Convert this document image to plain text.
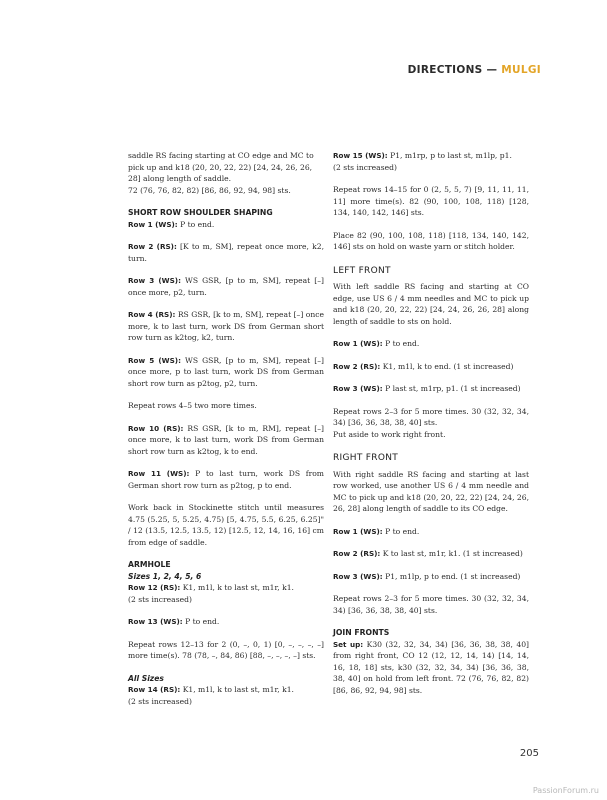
DIRECTIONS — MULGI

saddle RS facing starting at CO edge and MC to pick up and k18 (20, 20, 22, 22) [24, 24, 26, 26, 28] along length of saddle.

72 (76, 76, 82, 82) [86, 86, 92, 94, 98] sts.

SHORT ROW SHOULDER SHAPING

Row 1 (WS): P to end.

Row 2 (RS): [K to m, SM], repeat once more, k2, turn.

Row 3 (WS): WS GSR, [p to m, SM], repeat [–] once more, p2, turn.

Row 4 (RS): RS GSR, [k to m, SM], repeat [–] once more, k to last turn, work DS from German short row turn as k2tog, k2, turn.

Row 5 (WS): WS GSR, [p to m, SM], repeat [–] once more, p to last turn, work DS from German short row turn as p2tog, p2, turn.

Repeat rows 4–5 two more times.

Row 10 (RS): RS GSR, [k to m, RM], repeat [–] once more, k to last turn, work DS from German short row turn as k2tog, k to end.

Row 11 (WS): P to last turn, work DS from German short row turn as p2tog, p to end.

Work back in Stockinette stitch until measures 4.75 (5.25, 5, 5.25, 4.75) [5, 4.75, 5.5, 6.25, 6.25]" / 12 (13.5, 12.5, 13.5, 12) [12.5, 12, 14, 16, 16] cm from edge of saddle.

ARMHOLE
Sizes 1, 2, 4, 5, 6

Row 12 (RS): K1, m1l, k to last st, m1r, k1.

(2 sts increased)

Row 13 (WS): P to end.

Repeat rows 12–13 for 2 (0, –, 0, 1) [0, –, –, –, –] more time(s). 78 (78, –, 84, 86) [88, –, –, –, –] sts.

All Sizes

Row 14 (RS): K1, m1l, k to last st, m1r, k1.

(2 sts increased)

Row 15 (WS): P1, m1rp, p to last st, m1lp, p1.

(2 sts increased)

Repeat rows 14–15 for 0 (2, 5, 5, 7) [9, 11, 11, 11, 11] more time(s). 82 (90, 100, 108, 118) [128, 134, 140, 142, 146] sts.

Place 82 (90, 100, 108, 118) [118, 134, 140, 142, 146] sts on hold on waste yarn or stitch holder.

LEFT FRONT

With left saddle RS facing and starting at CO edge, use US 6 / 4 mm needles and MC to pick up and k18 (20, 20, 22, 22) [24, 24, 26, 26, 28] along length of saddle to sts on hold.

Row 1 (WS): P to end.

Row 2 (RS): K1, m1l, k to end. (1 st increased)

Row 3 (WS): P last st, m1rp, p1. (1 st increased)

Repeat rows 2–3 for 5 more times. 30 (32, 32, 34, 34) [36, 36, 38, 38, 40] sts.

Put aside to work right front.

RIGHT FRONT

With right saddle RS facing and starting at last row worked, use another US 6 / 4 mm needle and MC to pick up and k18 (20, 20, 22, 22) [24, 24, 26, 26, 28] along length of saddle to its CO edge.

Row 1 (WS): P to end.

Row 2 (RS): K to last st, m1r, k1. (1 st increased)

Row 3 (WS): P1, m1lp, p to end. (1 st increased)

Repeat rows 2–3 for 5 more times. 30 (32, 32, 34, 34) [36, 36, 38, 38, 40] sts.

JOIN FRONTS

Set up: K30 (32, 32, 34, 34) [36, 36, 38, 38, 40] from right front, CO 12 (12, 12, 14, 14) [14, 14, 16, 18, 18] sts, k30 (32, 32, 34, 34) [36, 36, 38, 38, 40] on hold from left front. 72 (76, 76, 82, 82) [86, 86, 92, 94, 98] sts.

205
PassionForum.ru
